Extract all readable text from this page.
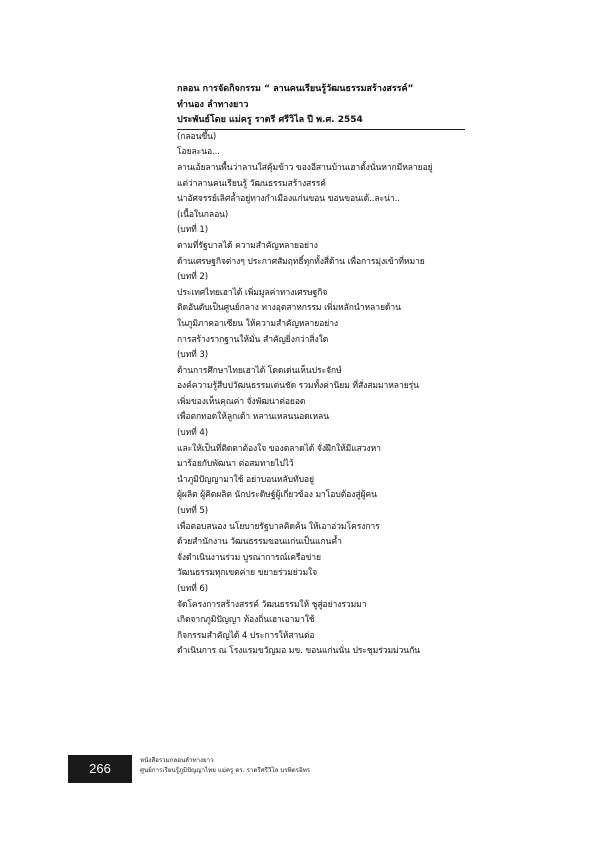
กลอน การจัดกิจกรรม “ ลานคนเรียนรู้วัฒนธรรมสร้างสรรค์”
ทำนอง ลำทางยาว
ประพันธ์โดย แม่ครู ราตรี ศรีวิไล ปี พ.ศ. 2554
(กลอนขึ้น)
โอยละนอ...
ลานเอ้ยลานพื้นว่าลานใส่คุ้มข้าว ของอีสานบ้านเฮาตั้งนั่นหากมีหลายอยู่
แต่ว่าลานคนเรียนรู้ วัฒนธรรมสร้างสรรค์
น่าอัศจรรย์เลิศล้ำอยู่ทางกำเมืองแก่นขอน ขอนขอนเด้..ละน่า..
(เนื้อในกลอน)
(บทที่ 1)
ตามที่รัฐบาลได้ ความสำคัญหลายอย่าง
ด้านเศรษฐกิจต่างๆ ประกาศสัมฤทธิ์ทุกทั้งสี่ด้าน เพื่อการมุ่งเข้าที่หมาย
(บทที่ 2)
ประเทศไทยเฮาได้ เพิ่มมูลค่าทางเศรษฐกิจ
ติดอันดับเป็นศูนย์กลาง ทางอุตสาหกรรม เพิ่มหลักนำหลายด้าน
ในภูมิภาคอาเซียน ให้ความสำคัญหลายอย่าง
การสร้างรากฐานให้มั่น สำคัญยิ่งกว่าสิ่งใด
(บทที่ 3)
ด้านการศึกษาไทยเฮาได้ โดดเด่นเห็นประจักษ์
องค์ความรู้สืบปวัฒนธรรมเด่นชัด รวมทั้งค่านิยม ที่สั่งสมมาหลายรุ่น
เพิ่มของเห็นคุณค่า จั่งพัฒนาต่อยอด
เพื่อตกทอดให้ลูกเต้า หลานเหลนนอดเหลน
(บทที่ 4)
และให้เป็นที่ติดตาต้องใจ ของตลาดได้ จั่งฝึกให้มีแสวงหา
มาร้อยกับพัฒนา ต่อสมทายไปไว้
นำภูมิปัญญามาใช้ อย่าบอนหลับทับอยู่
ผู้ผลิต ผู้คิดผลิต นักประดิษฐ์ผู้เกี่ยวข้อง มาโอบต้องสู่ผู้คน
(บทที่ 5)
เพื่อตอบสนอง นโยบายรัฐบาลคิดค้น ให้เอาอ่วมโครงการ
ด้วยสำนักงาน วัฒนธรรมขอนแก่นเป็นแกนค้ำ
จั่งดำเนินงานร่วม บูรณาการณ์เครือข่าย
วัฒนธรรมทุกเขตค่าย ขยายร่วมย่วมใจ
(บทที่ 6)
จัดโครงการสร้างสรรค์ วัฒนธรรมให้ ชูสู่อย่างรวมมา
เกิดจากภูมิปัญญา ท้องถิ่นเฮาเอามาใช้
กิจกรรมสำคัญได้ 4 ประการให้สานต่อ
ดำเนินการ ณ โรงแรมขวัญมอ มข. ขอนแก่นนั่น ประชุมร่วมม่วนกัน
266
หนังสือรวมกลอนลำทางยาว
ศูนย์การเรียนรู้ภูมิปัญญาไทย แม่ครู ดร. ราตรีศรีวิไล บรพิตรอิทร
